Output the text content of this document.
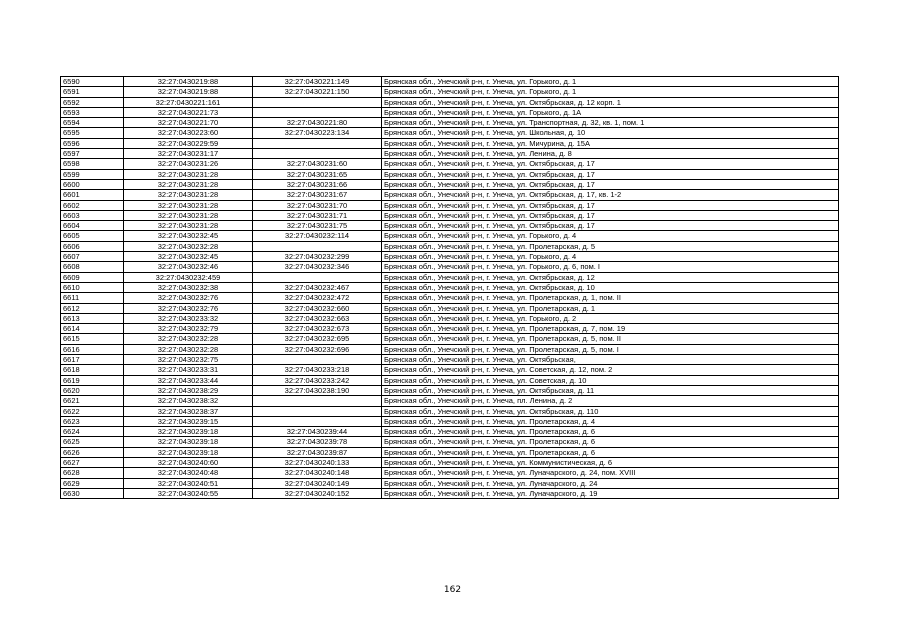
6590	32:27:0430219:88	32:27:0430221:149	Брянская обл., Унечский р-н, г. Унеча, ул. Горького, д. 1
6591	32:27:0430219:88	32:27:0430221:150	Брянская обл., Унечский р-н, г. Унеча, ул. Горького, д. 1
6592	32:27:0430221:161		Брянская обл., Унечский р-н, г. Унеча, ул. Октябрьская, д. 12 корп. 1
6593	32:27:0430221:73		Брянская обл., Унечский р-н, г. Унеча, ул. Горького, д. 1А
6594	32:27:0430221:70	32:27:0430221:80	Брянская обл., Унечский р-н, г. Унеча, ул. Транспортная, д. 32, кв. 1, пом. 1
6595	32:27:0430223:60	32:27:0430223:134	Брянская обл., Унечский р-н, г. Унеча, ул. Школьная, д. 10
6596	32:27:0430229:59		Брянская обл., Унечский р-н, г. Унеча, ул. Мичурина, д. 15А
6597	32:27:0430231:17		Брянская обл., Унечский р-н, г. Унеча, ул. Ленина, д. 8
6598	32:27:0430231:26	32:27:0430231:60	Брянская обл., Унечский р-н, г. Унеча, ул. Октябрьская, д. 17
6599	32:27:0430231:28	32:27:0430231:65	Брянская обл., Унечский р-н, г. Унеча, ул. Октябрьская, д. 17
6600	32:27:0430231:28	32:27:0430231:66	Брянская обл., Унечский р-н, г. Унеча, ул. Октябрьская, д. 17
6601	32:27:0430231:28	32:27:0430231:67	Брянская обл., Унечский р-н, г. Унеча, ул. Октябрьская, д. 17, кв. 1-2
6602	32:27:0430231:28	32:27:0430231:70	Брянская обл., Унечский р-н, г. Унеча, ул. Октябрьская, д. 17
6603	32:27:0430231:28	32:27:0430231:71	Брянская обл., Унечский р-н, г. Унеча, ул. Октябрьская, д. 17
6604	32:27:0430231:28	32:27:0430231:75	Брянская обл., Унечский р-н, г. Унеча, ул. Октябрьская, д. 17
6605	32:27:0430232:45	32:27:0430232:114	Брянская обл., Унечский р-н, г. Унеча, ул. Горького, д. 4
6606	32:27:0430232:28		Брянская обл., Унечский р-н, г. Унеча, ул. Пролетарская, д. 5
6607	32:27:0430232:45	32:27:0430232:299	Брянская обл., Унечский р-н, г. Унеча, ул. Горького, д. 4
6608	32:27:0430232:46	32:27:0430232:346	Брянская обл., Унечский р-н, г. Унеча, ул. Горького, д. 6, пом. I
6609	32:27:0430232:459		Брянская обл., Унечский р-н, г. Унеча, ул. Октябрьская, д. 12
6610	32:27:0430232:38	32:27:0430232:467	Брянская обл., Унечский р-н, г. Унеча, ул. Октябрьская, д. 10
6611	32:27:0430232:76	32:27:0430232:472	Брянская обл., Унечский р-н, г. Унеча, ул. Пролетарская, д. 1, пом. II
6612	32:27:0430232:76	32:27:0430232:660	Брянская обл., Унечский р-н, г. Унеча, ул. Пролетарская, д. 1
6613	32:27:0430233:32	32:27:0430232:663	Брянская обл., Унечский р-н, г. Унеча, ул. Горького, д. 2
6614	32:27:0430232:79	32:27:0430232:673	Брянская обл., Унечский р-н, г. Унеча, ул. Пролетарская, д. 7, пом. 19
6615	32:27:0430232:28	32:27:0430232:695	Брянская обл., Унечский р-н, г. Унеча, ул. Пролетарская, д. 5, пом. II
6616	32:27:0430232:28	32:27:0430232:696	Брянская обл., Унечский р-н, г. Унеча, ул. Пролетарская, д. 5, пом. I
6617	32:27:0430232:75		Брянская обл., Унечский р-н, г. Унеча, ул. Октябрьская,
6618	32:27:0430233:31	32:27:0430233:218	Брянская обл., Унечский р-н, г. Унеча, ул. Советская, д. 12, пом. 2
6619	32:27:0430233:44	32:27:0430233:242	Брянская обл., Унечский р-н, г. Унеча, ул. Советская, д. 10
6620	32:27:0430238:29	32:27:0430238:190	Брянская обл., Унечский р-н, г. Унеча, ул. Октябрьская, д. 11
6621	32:27:0430238:32		Брянская обл., Унечский р-н, г. Унеча, пл. Ленина, д. 2
6622	32:27:0430238:37		Брянская обл., Унечский р-н, г. Унеча, ул. Октябрьская, д. 110
6623	32:27:0430239:15		Брянская обл., Унечский р-н, г. Унеча, ул. Пролетарская, д. 4
6624	32:27:0430239:18	32:27:0430239:44	Брянская обл., Унечский р-н, г. Унеча, ул. Пролетарская, д. 6
6625	32:27:0430239:18	32:27:0430239:78	Брянская обл., Унечский р-н, г. Унеча, ул. Пролетарская, д. 6
6626	32:27:0430239:18	32:27:0430239:87	Брянская обл., Унечский р-н, г. Унеча, ул. Пролетарская, д. 6
6627	32:27:0430240:60	32:27:0430240:133	Брянская обл., Унечский р-н, г. Унеча, ул. Коммунистическая, д. 6
6628	32:27:0430240:48	32:27:0430240:148	Брянская обл., Унечский р-н, г. Унеча, ул. Луначарского, д. 24, пом. XVIII
6629	32:27:0430240:51	32:27:0430240:149	Брянская обл., Унечский р-н, г. Унеча, ул. Луначарского, д. 24
6630	32:27:0430240:55	32:27:0430240:152	Брянская обл., Унечский р-н, г. Унеча, ул. Луначарского, д. 19
162
